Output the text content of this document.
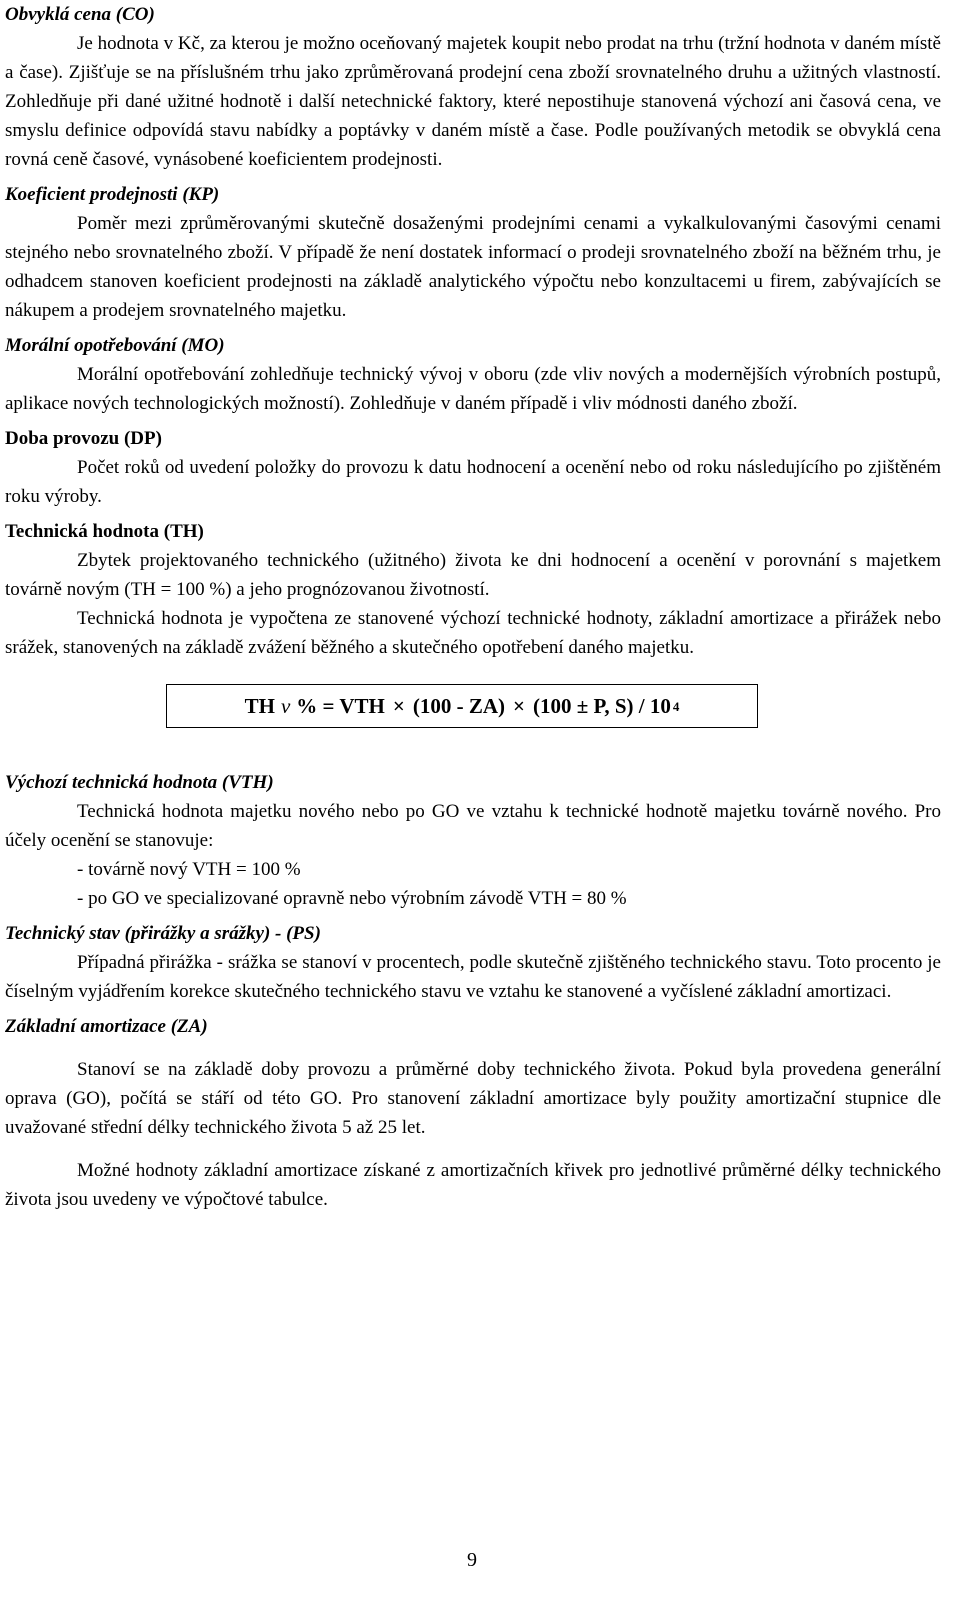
Obvyklá cena (CO)

Je hodnota v Kč, za kterou je možno oceňovaný majetek koupit nebo prodat na trhu (tržní hodnota v daném místě a čase). Zjišťuje se na příslušném trhu jako zprůměrovaná prodejní cena zboží srovnatelného druhu a užitných vlastností. Zohledňuje při dané užitné hodnotě i další netechnické faktory, které nepostihuje stanovená výchozí ani časová cena, ve smyslu definice odpovídá stavu nabídky a poptávky v daném místě a čase. Podle používaných metodik se obvyklá cena rovná ceně časové, vynásobené koeficientem prodejnosti.

Koeficient prodejnosti (KP)

Poměr mezi zprůměrovanými skutečně dosaženými prodejními cenami a vykalkulovanými časovými cenami stejného nebo srovnatelného zboží. V případě že není dostatek informací o prodeji srovnatelného zboží na běžném trhu, je odhadcem stanoven koeficient prodejnosti na základě analytického výpočtu nebo konzultacemi u firem, zabývajících se nákupem a prodejem srovnatelného majetku.

Morální opotřebování (MO)

Morální opotřebování zohledňuje technický vývoj v oboru (zde vliv nových a modernějších výrobních postupů, aplikace nových technologických možností). Zohledňuje v daném případě i vliv módnosti daného zboží.

Doba provozu (DP)

Počet roků od uvedení položky do provozu k datu hodnocení a ocenění nebo od roku následujícího po zjištěném roku výroby.

Technická hodnota (TH)

Zbytek projektovaného technického (užitného) života ke dni hodnocení a ocenění v porovnání s majetkem továrně novým (TH = 100 %) a jeho prognózovanou životností.

Technická hodnota je vypočtena ze stanovené výchozí technické hodnoty, základní amortizace a přirážek nebo srážek, stanovených na základě zvážení běžného a skutečného opotřebení daného majetku.

TH v % = VTH × (100 - ZA) × (100 ± P, S) / 10 4

Výchozí technická hodnota (VTH)

Technická hodnota majetku nového nebo po GO ve vztahu k technické hodnotě majetku továrně nového. Pro účely ocenění se stanovuje:

- továrně nový VTH = 100 %

- po GO ve specializované opravně nebo výrobním závodě VTH = 80 %

Technický stav (přirážky a srážky) - (PS)

Případná přirážka - srážka se stanoví v procentech, podle skutečně zjištěného technického stavu. Toto procento je číselným vyjádřením korekce skutečného technického stavu ve vztahu ke stanovené a vyčíslené základní amortizaci.

Základní amortizace (ZA)

Stanoví se na základě doby provozu a průměrné doby technického života. Pokud byla provedena generální oprava (GO), počítá se stáří od této GO. Pro stanovení základní amortizace byly použity amortizační stupnice dle uvažované střední délky technického života 5 až 25 let.

Možné hodnoty základní amortizace získané z amortizačních křivek pro jednotlivé průměrné délky technického života jsou uvedeny ve výpočtové tabulce.

9
